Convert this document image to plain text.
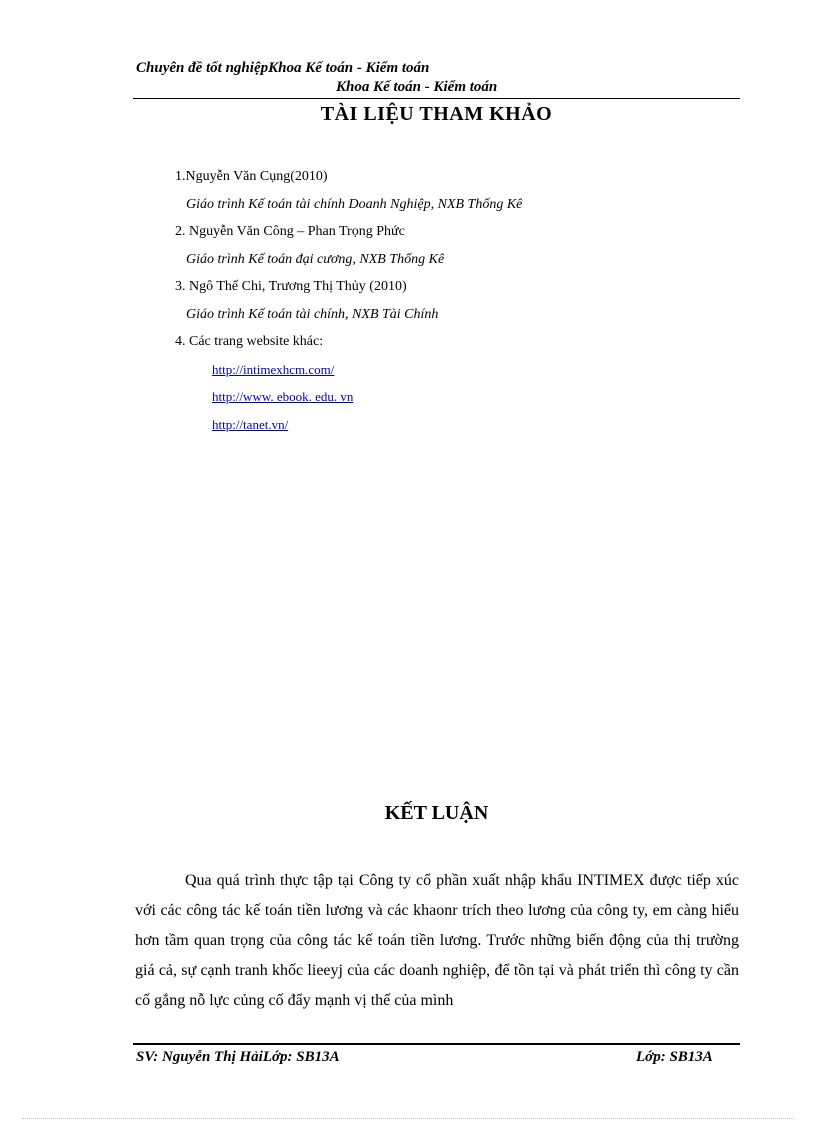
Chuyên đề tốt nghiệpKhoa Kế toán - Kiểm toán
Khoa Kế toán - Kiểm toán
TÀI LIỆU THAM KHẢO
1.Nguyễn Văn Cụng(2010)
Giáo trình Kế toán tài chính Doanh Nghiệp, NXB Thống Kê
2. Nguyễn Văn Công – Phan Trọng Phức
Giáo trình Kế toán đại cương, NXB Thống Kê
3. Ngô Thế Chi, Trương Thị Thủy (2010)
Giáo trình Kế toán tài chính, NXB Tài Chính
4. Các trang website khác:
http://intimexhcm.com/
http://www. ebook. edu. vn
http://tanet.vn/
KẾT LUẬN
Qua quá trình thực tập tại Công ty cổ phần xuất nhập khẩu INTIMEX được tiếp xúc với các công tác kế toán tiền lương và các khaonr trích theo lương của công ty, em càng hiểu hơn tầm quan trọng của công tác kế toán tiền lương. Trước những biến động của thị trường giá cả, sự cạnh tranh khốc lieeyj của các doanh nghiệp, để tồn tại và phát triển thì công ty cần cố gắng nỗ lực củng cố đẩy mạnh vị thế của mình
SV: Nguyễn Thị HảiLớp: SB13A	Lớp: SB13A
